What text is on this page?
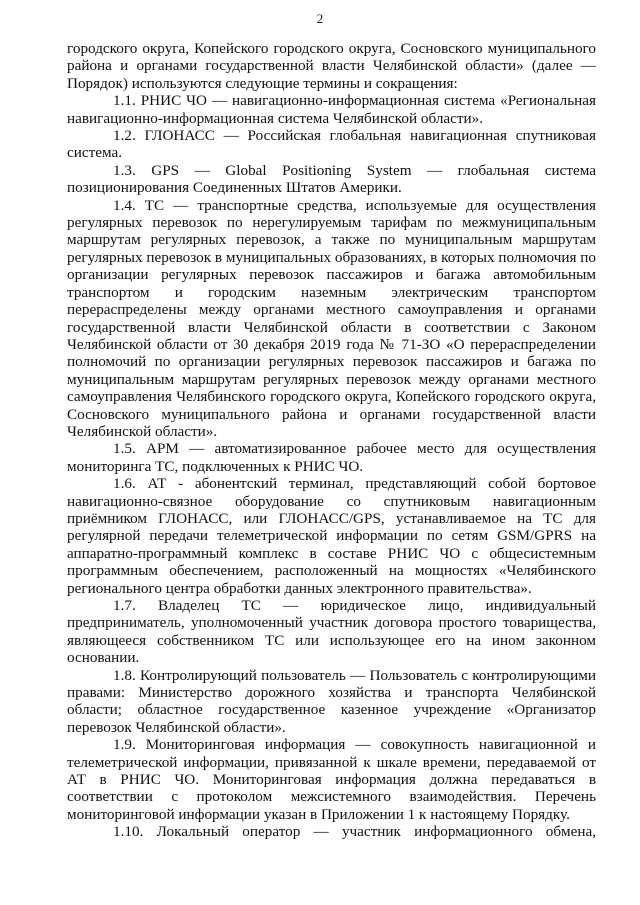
2

городского округа, Копейского городского округа, Сосновского муниципального района и органами государственной власти Челябинской области» (далее — Порядок) используются следующие термины и сокращения:

1.1. РНИС ЧО — навигационно-информационная система «Региональная навигационно-информационная система Челябинской области».

1.2. ГЛОНАСС — Российская глобальная навигационная спутниковая система.

1.3. GPS — Global Positioning System — глобальная система позиционирования Соединенных Штатов Америки.

1.4. ТС — транспортные средства, используемые для осуществления регулярных перевозок по нерегулируемым тарифам по межмуниципальным маршрутам регулярных перевозок, а также по муниципальным маршрутам регулярных перевозок в муниципальных образованиях, в которых полномочия по организации регулярных перевозок пассажиров и багажа автомобильным транспортом и городским наземным электрическим транспортом перераспределены между органами местного самоуправления и органами государственной власти Челябинской области в соответствии с Законом Челябинской области от 30 декабря 2019 года № 71-ЗО «О перераспределении полномочий по организации регулярных перевозок пассажиров и багажа по муниципальным маршрутам регулярных перевозок между органами местного самоуправления Челябинского городского округа, Копейского городского округа, Сосновского муниципального района и органами государственной власти Челябинской области».

1.5. АРМ — автоматизированное рабочее место для осуществления мониторинга ТС, подключенных к РНИС ЧО.

1.6. АТ - абонентский терминал, представляющий собой бортовое навигационно-связное оборудование со спутниковым навигационным приёмником ГЛОНАСС, или ГЛОНАСС/GPS, устанавливаемое на ТС для регулярной передачи телеметрической информации по сетям GSM/GPRS на аппаратно-программный комплекс в составе РНИС ЧО с общесистемным программным обеспечением, расположенный на мощностях «Челябинского регионального центра обработки данных электронного правительства».

1.7. Владелец ТС — юридическое лицо, индивидуальный предприниматель, уполномоченный участник договора простого товарищества, являющееся собственником ТС или использующее его на ином законном основании.

1.8. Контролирующий пользователь — Пользователь с контролирующими правами: Министерство дорожного хозяйства и транспорта Челябинской области; областное государственное казенное учреждение «Организатор перевозок Челябинской области».

1.9. Мониторинговая информация — совокупность навигационной и телеметрической информации, привязанной к шкале времени, передаваемой от АТ в РНИС ЧО. Мониторинговая информация должна передаваться в соответствии с протоколом межсистемного взаимодействия. Перечень мониторинговой информации указан в Приложении 1 к настоящему Порядку.

1.10. Локальный оператор — участник информационного обмена,
